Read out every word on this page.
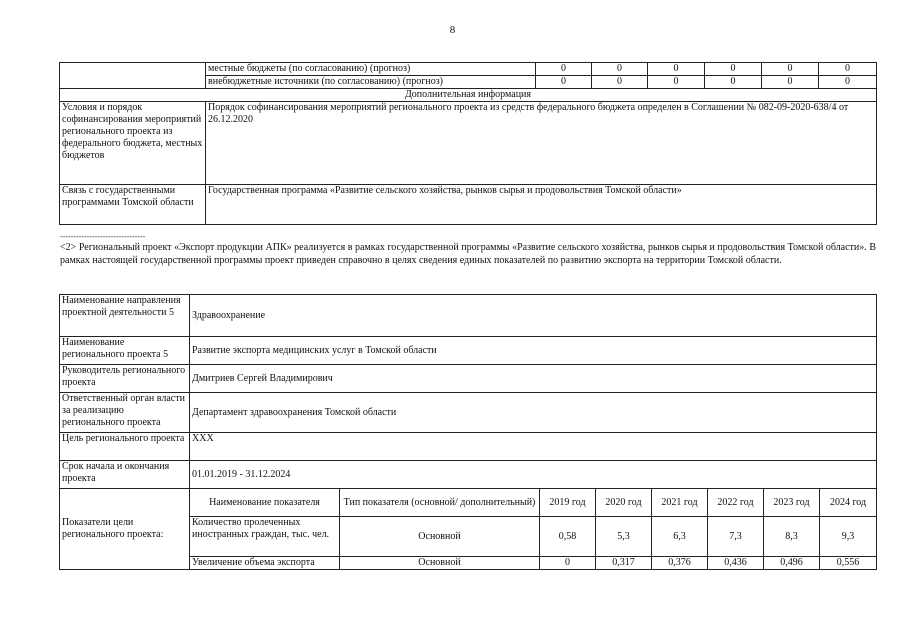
8
	местные бюджеты (по согласованию) (прогноз)	0	0	0	0	0	0
	внебюджетные источники (по согласованию) (прогноз)	0	0	0	0	0	0
Дополнительная информация							
Условия и порядок софинансирования мероприятий регионального проекта из федерального бюджета, местных бюджетов	Порядок софинансирования мероприятий регионального проекта из средств федерального бюджета определен в Соглашении № 082-09-2020-638/4 от 26.12.2020						
Связь с государственными программами Томской области	Государственная программа «Развитие сельского хозяйства, рынков сырья и продовольствия Томской области»						
--------------------------------
<2> Региональный проект «Экспорт продукции АПК» реализуется в рамках государственной программы «Развитие сельского хозяйства, рынков сырья и продовольствия Томской области». В рамках настоящей государственной программы проект приведен справочно в целях сведения единых показателей по развитию экспорта на территории Томской области.
Наименование направления проектной деятельности 5	Здравоохранение							
Наименование регионального проекта 5	Развитие экспорта медицинских услуг в Томской области							
Руководитель регионального проекта	Дмитриев Сергей Владимирович							
Ответственный орган власти за реализацию регионального проекта	Департамент здравоохранения Томской области							
Цель регионального проекта	XXX							
Срок начала и окончания проекта	01.01.2019 - 31.12.2024							
Показатели цели регионального проекта:	Наименование показателя	Тип показателя (основной/ дополнительный)	2019 год	2020 год	2021 год	2022 год	2023 год	2024 год
	Количество пролеченных иностранных граждан, тыс. чел.	Основной	0,58	5,3	6,3	7,3	8,3	9,3
	Увеличение объема экспорта	Основной	0	0,317	0,376	0,436	0,496	0,556
